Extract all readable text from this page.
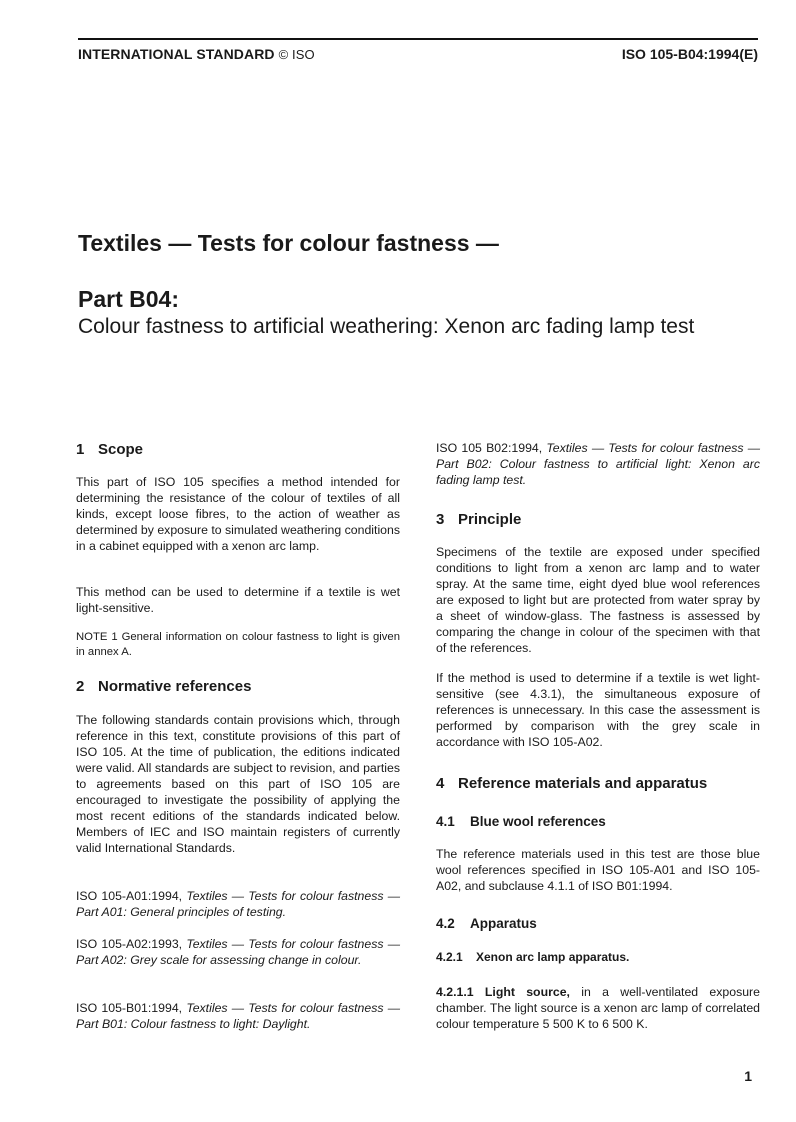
INTERNATIONAL STANDARD © ISO	ISO 105-B04:1994(E)
Textiles — Tests for colour fastness —
Part B04:
Colour fastness to artificial weathering: Xenon arc fading lamp test
1 Scope

This part of ISO 105 specifies a method intended for determining the resistance of the colour of textiles of all kinds, except loose fibres, to the action of weather as determined by exposure to simulated weathering conditions in a cabinet equipped with a xenon arc lamp.

This method can be used to determine if a textile is wet light-sensitive.

NOTE 1 General information on colour fastness to light is given in annex A.

2 Normative references

The following standards contain provisions which, through reference in this text, constitute provisions of this part of ISO 105. At the time of publication, the editions indicated were valid. All standards are subject to revision, and parties to agreements based on this part of ISO 105 are encouraged to investigate the possibility of applying the most recent editions of the standards indicated below. Members of IEC and ISO maintain registers of currently valid International Standards.

ISO 105-A01:1994, Textiles — Tests for colour fastness — Part A01: General principles of testing.

ISO 105-A02:1993, Textiles — Tests for colour fastness — Part A02: Grey scale for assessing change in colour.

ISO 105-B01:1994, Textiles — Tests for colour fastness — Part B01: Colour fastness to light: Daylight.

ISO 105 B02:1994, Textiles — Tests for colour fastness — Part B02: Colour fastness to artificial light: Xenon arc fading lamp test.

3 Principle

Specimens of the textile are exposed under specified conditions to light from a xenon arc lamp and to water spray. At the same time, eight dyed blue wool references are exposed to light but are protected from water spray by a sheet of window-glass. The fastness is assessed by comparing the change in colour of the specimen with that of the references.

If the method is used to determine if a textile is wet light-sensitive (see 4.3.1), the simultaneous exposure of references is unnecessary. In this case the assessment is performed by comparison with the grey scale in accordance with ISO 105-A02.

4 Reference materials and apparatus
4.1 Blue wool references

The reference materials used in this test are those blue wool references specified in ISO 105-A01 and ISO 105-A02, and subclause 4.1.1 of ISO B01:1994.

4.2 Apparatus
4.2.1 Xenon arc lamp apparatus.

4.2.1.1 Light source, in a well-ventilated exposure chamber. The light source is a xenon arc lamp of correlated colour temperature 5 500 K to 6 500 K.

1
